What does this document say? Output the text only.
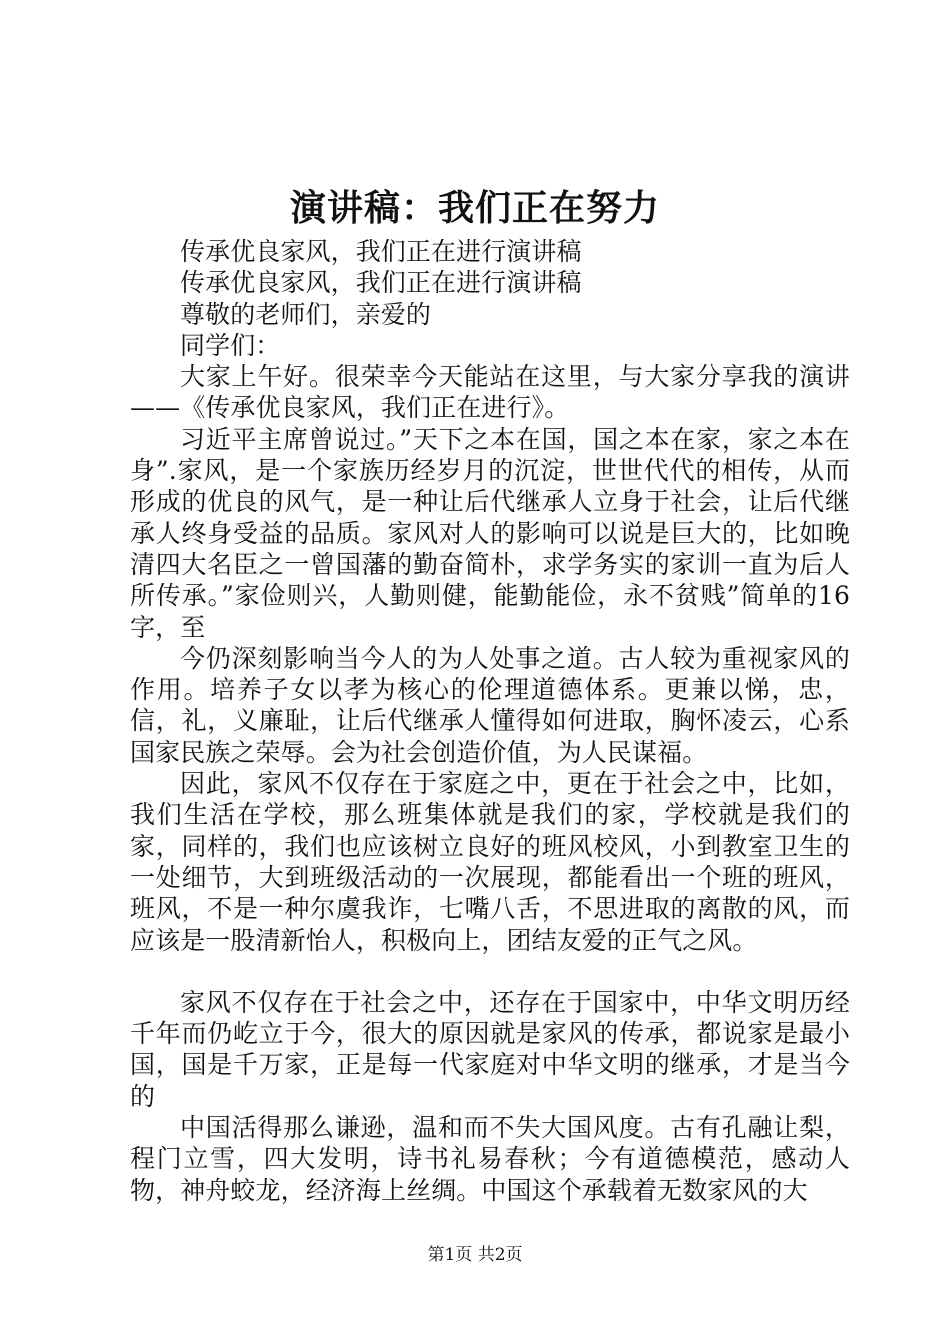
演讲稿：我们正在努力

传承优良家风，我们正在进行演讲稿

传承优良家风，我们正在进行演讲稿

尊敬的老师们，亲爱的

同学们：

大家上午好。很荣幸今天能站在这里，与大家分享我的演讲——《传承优良家风，我们正在进行》。

习近平主席曾说过。”天下之本在国，国之本在家，家之本在身”.家风，是一个家族历经岁月的沉淀，世世代代的相传，从而形成的优良的风气，是一种让后代继承人立身于社会，让后代继承人终身受益的品质。家风对人的影响可以说是巨大的，比如晚清四大名臣之一曾国藩的勤奋简朴，求学务实的家训一直为后人所传承。”家俭则兴，人勤则健，能勤能俭，永不贫贱”简单的16字，至

今仍深刻影响当今人的为人处事之道。古人较为重视家风的作用。培养子女以孝为核心的伦理道德体系。更兼以悌，忠，信，礼，义廉耻，让后代继承人懂得如何进取，胸怀凌云，心系国家民族之荣辱。会为社会创造价值，为人民谋福。

因此，家风不仅存在于家庭之中，更在于社会之中，比如，我们生活在学校，那么班集体就是我们的家，学校就是我们的家，同样的，我们也应该树立良好的班风校风，小到教室卫生的一处细节，大到班级活动的一次展现，都能看出一个班的班风，班风，不是一种尔虞我诈，七嘴八舌，不思进取的离散的风，而应该是一股清新怡人，积极向上，团结友爱的正气之风。

家风不仅存在于社会之中，还存在于国家中，中华文明历经千年而仍屹立于今，很大的原因就是家风的传承，都说家是最小国，国是千万家，正是每一代家庭对中华文明的继承，才是当今的

中国活得那么谦逊，温和而不失大国风度。古有孔融让梨，程门立雪，四大发明，诗书礼易春秋；今有道德模范，感动人物，神舟蛟龙，经济海上丝绸。中国这个承载着无数家风的大

第1页 共2页
